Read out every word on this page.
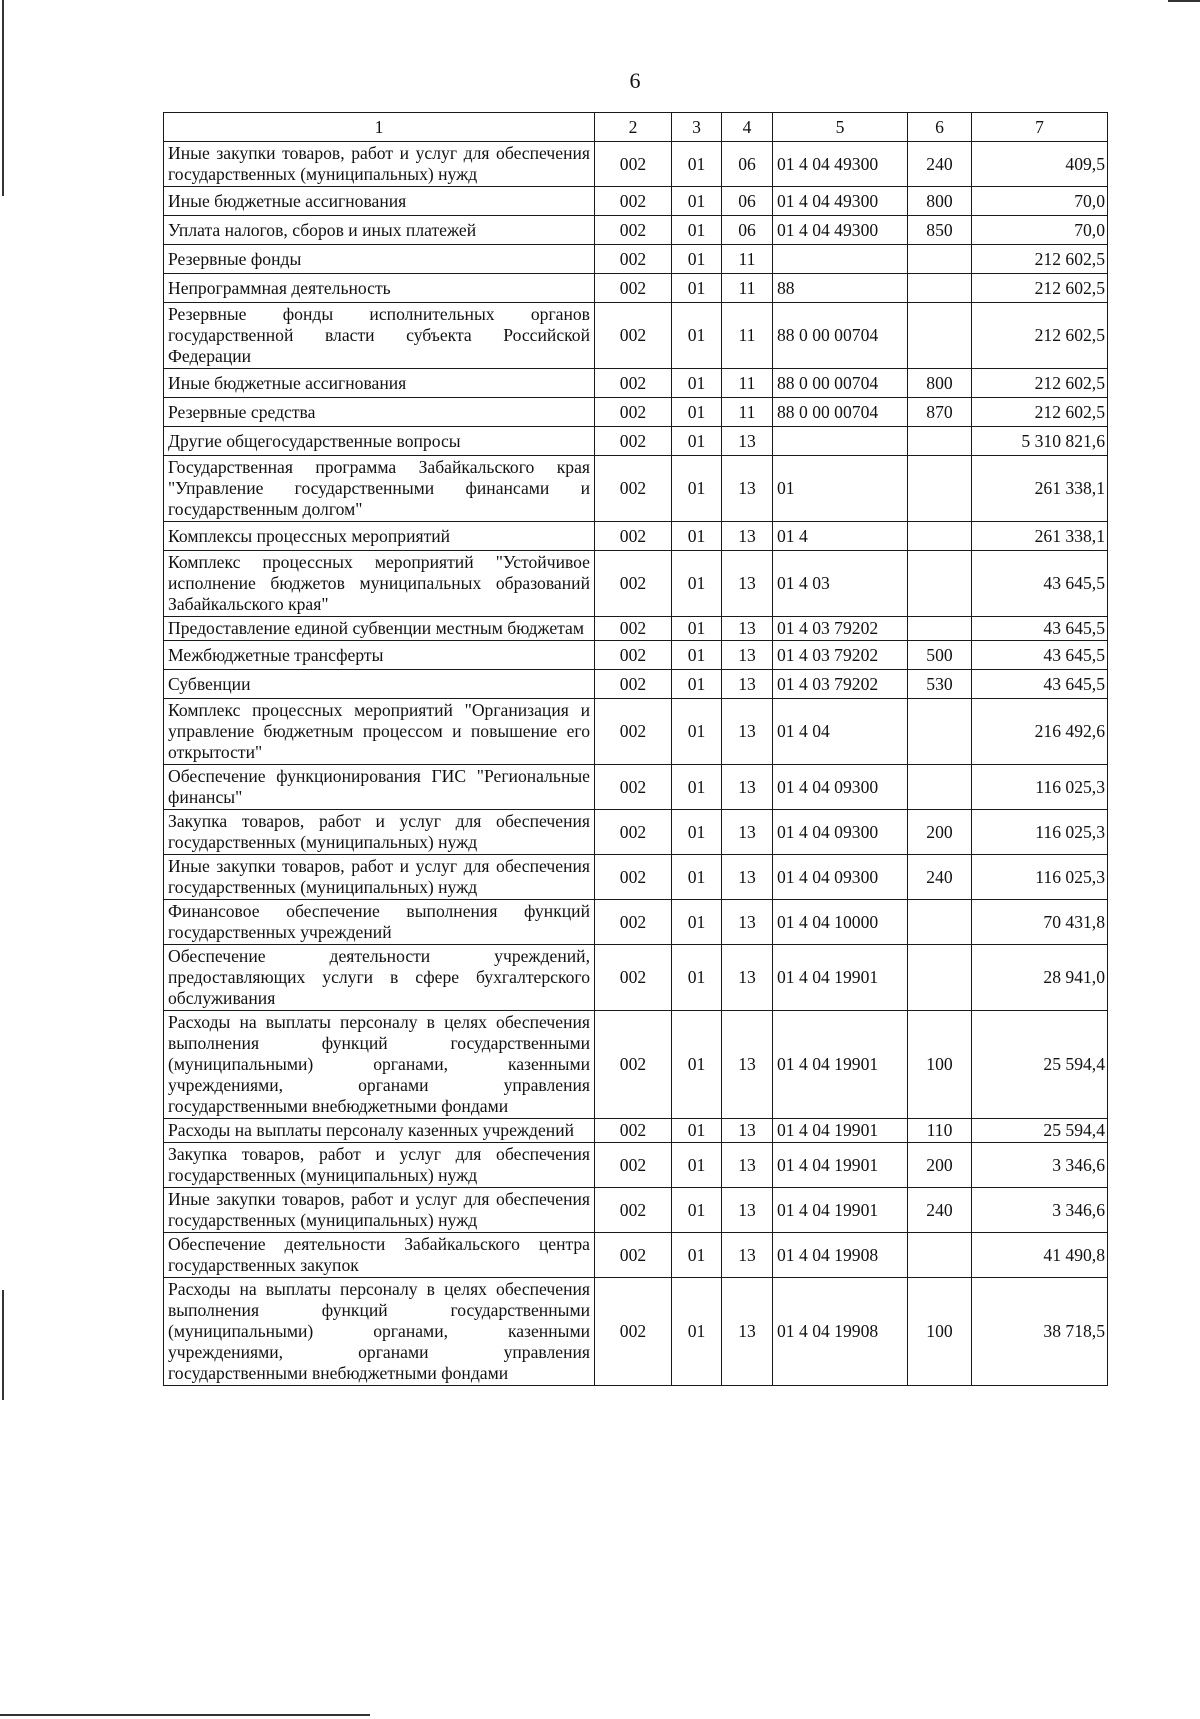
6
1	2	3	4	5	6	7
Иные закупки товаров, работ и услуг для обеспечения государственных (муниципальных) нужд	002	01	06	01 4 04 49300	240	409,5
Иные бюджетные ассигнования	002	01	06	01 4 04 49300	800	70,0
Уплата налогов, сборов и иных платежей	002	01	06	01 4 04 49300	850	70,0
Резервные фонды	002	01	11			212 602,5
Непрограммная деятельность	002	01	11	88		212 602,5
Резервные фонды исполнительных органов государственной власти субъекта Российской Федерации	002	01	11	88 0 00 00704		212 602,5
Иные бюджетные ассигнования	002	01	11	88 0 00 00704	800	212 602,5
Резервные средства	002	01	11	88 0 00 00704	870	212 602,5
Другие общегосударственные вопросы	002	01	13			5 310 821,6
Государственная программа Забайкальского края "Управление государственными финансами и государственным долгом"	002	01	13	01		261 338,1
Комплексы процессных мероприятий	002	01	13	01 4		261 338,1
Комплекс процессных мероприятий "Устойчивое исполнение бюджетов муниципальных образований Забайкальского края"	002	01	13	01 4 03		43 645,5
Предоставление единой субвенции местным бюджетам	002	01	13	01 4 03 79202		43 645,5
Межбюджетные трансферты	002	01	13	01 4 03 79202	500	43 645,5
Субвенции	002	01	13	01 4 03 79202	530	43 645,5
Комплекс процессных мероприятий "Организация и управление бюджетным процессом и повышение его открытости"	002	01	13	01 4 04		216 492,6
Обеспечение функционирования ГИС "Региональные финансы"	002	01	13	01 4 04 09300		116 025,3
Закупка товаров, работ и услуг для обеспечения государственных (муниципальных) нужд	002	01	13	01 4 04 09300	200	116 025,3
Иные закупки товаров, работ и услуг для обеспечения государственных (муниципальных) нужд	002	01	13	01 4 04 09300	240	116 025,3
Финансовое обеспечение выполнения функций государственных учреждений	002	01	13	01 4 04 10000		70 431,8
Обеспечение деятельности учреждений, предоставляющих услуги в сфере бухгалтерского обслуживания	002	01	13	01 4 04 19901		28 941,0
Расходы на выплаты персоналу в целях обеспечения выполнения функций государственными (муниципальными) органами, казенными учреждениями, органами управления государственными внебюджетными фондами	002	01	13	01 4 04 19901	100	25 594,4
Расходы на выплаты персоналу казенных учреждений	002	01	13	01 4 04 19901	110	25 594,4
Закупка товаров, работ и услуг для обеспечения государственных (муниципальных) нужд	002	01	13	01 4 04 19901	200	3 346,6
Иные закупки товаров, работ и услуг для обеспечения государственных (муниципальных) нужд	002	01	13	01 4 04 19901	240	3 346,6
Обеспечение деятельности Забайкальского центра государственных закупок	002	01	13	01 4 04 19908		41 490,8
Расходы на выплаты персоналу в целях обеспечения выполнения функций государственными (муниципальными) органами, казенными учреждениями, органами управления государственными внебюджетными фондами	002	01	13	01 4 04 19908	100	38 718,5
